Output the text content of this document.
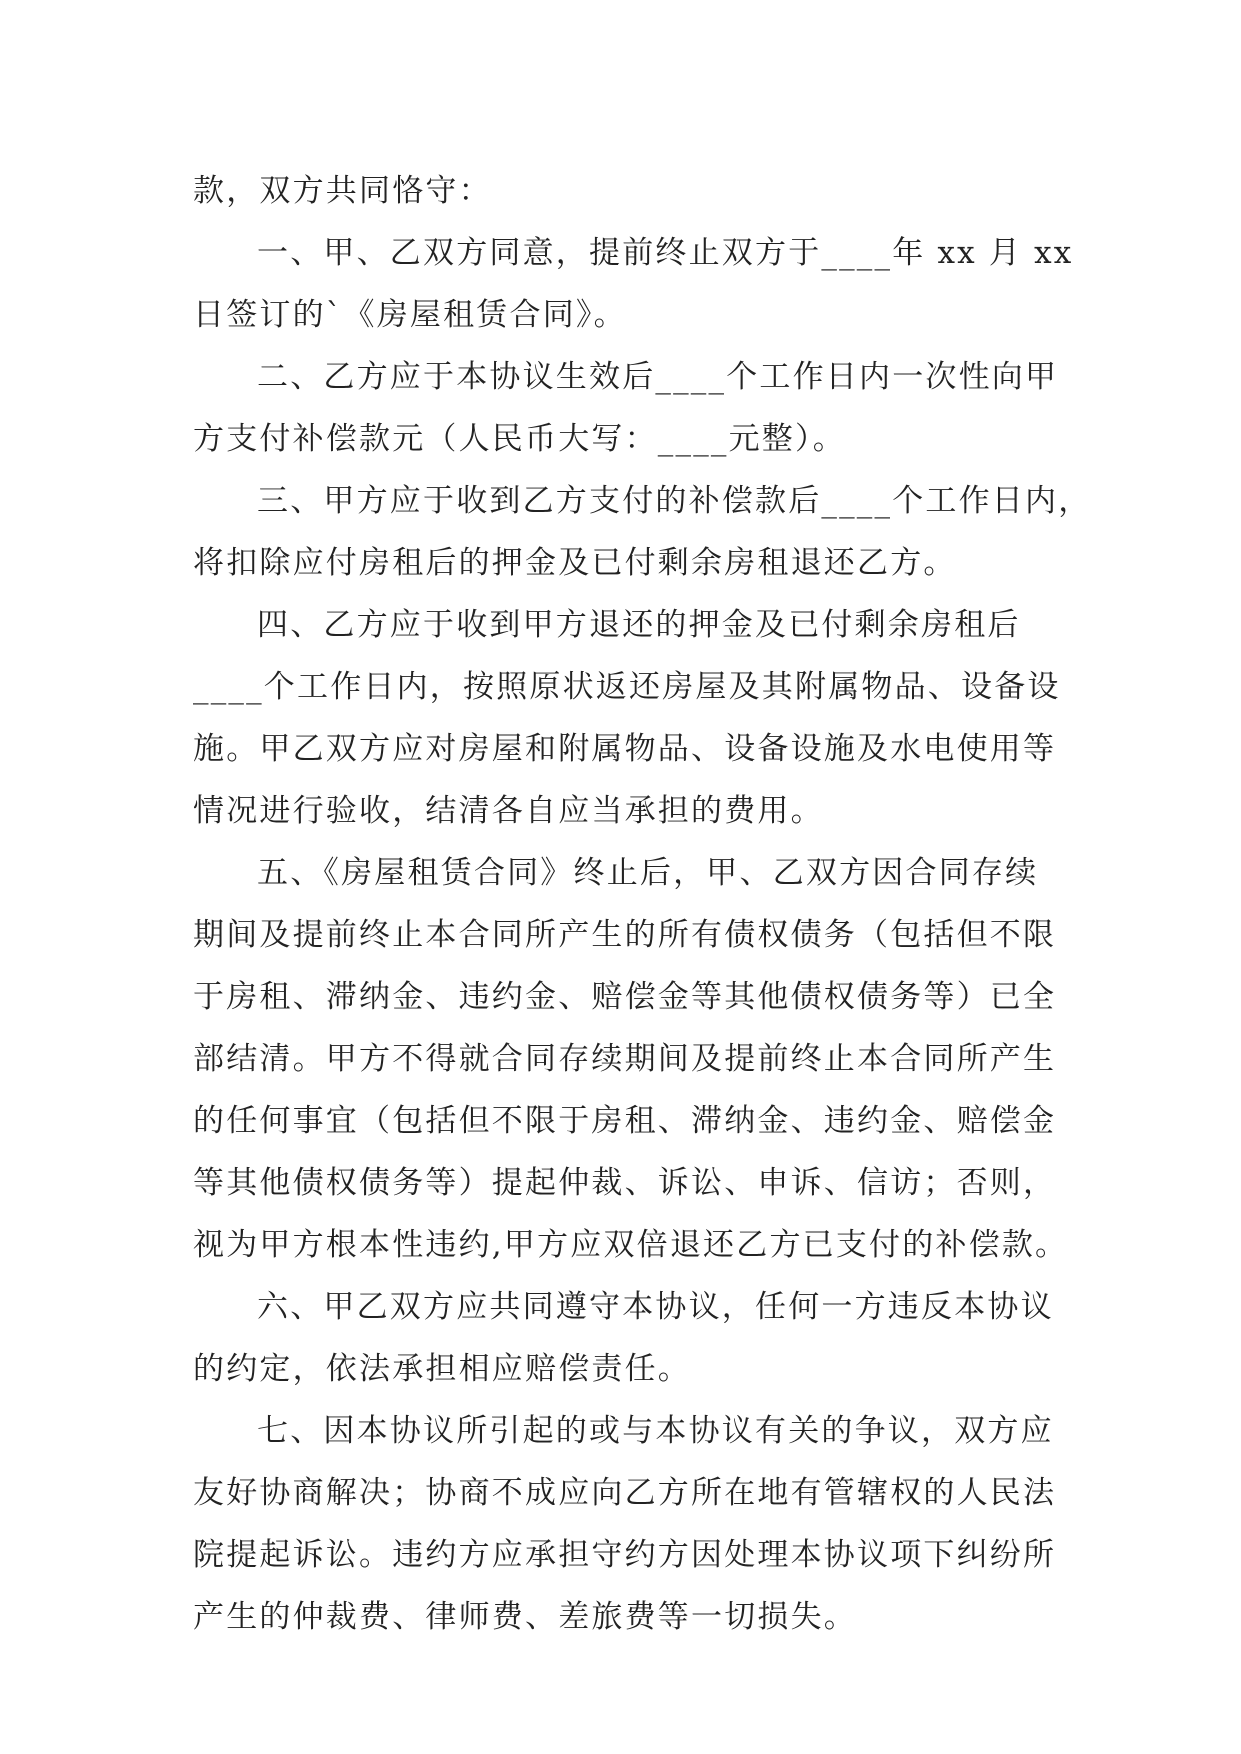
款，双方共同恪守：
一、甲、乙双方同意，提前终止双方于____年 xx 月 xx
日签订的`《房屋租赁合同》。
二、乙方应于本协议生效后____个工作日内一次性向甲
方支付补偿款元（人民币大写：____元整）。
三、甲方应于收到乙方支付的补偿款后____个工作日内，
将扣除应付房租后的押金及已付剩余房租退还乙方。
四、乙方应于收到甲方退还的押金及已付剩余房租后
____个工作日内，按照原状返还房屋及其附属物品、设备设
施。甲乙双方应对房屋和附属物品、设备设施及水电使用等
情况进行验收，结清各自应当承担的费用。
五、《房屋租赁合同》终止后，甲、乙双方因合同存续
期间及提前终止本合同所产生的所有债权债务（包括但不限
于房租、滞纳金、违约金、赔偿金等其他债权债务等）已全
部结清。甲方不得就合同存续期间及提前终止本合同所产生
的任何事宜（包括但不限于房租、滞纳金、违约金、赔偿金
等其他债权债务等）提起仲裁、诉讼、申诉、信访；否则，
视为甲方根本性违约,甲方应双倍退还乙方已支付的补偿款。
六、甲乙双方应共同遵守本协议，任何一方违反本协议
的约定，依法承担相应赔偿责任。
七、因本协议所引起的或与本协议有关的争议，双方应
友好协商解决；协商不成应向乙方所在地有管辖权的人民法
院提起诉讼。违约方应承担守约方因处理本协议项下纠纷所
产生的仲裁费、律师费、差旅费等一切损失。
